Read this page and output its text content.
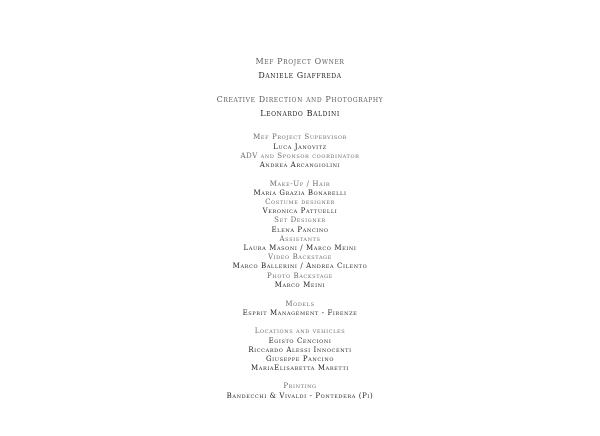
Mef Project Owner
Daniele Giaffreda
Creative Direction and Photography
Leonardo Baldini
Mef Project Supervisor
Luca Janovitz
ADV and Sponsor coordinator
Andrea Arcangiolini
Make-Up / Hair
Maria Grazia Bonarelli
Costume designer
Veronica Pattuelli
Set Designer
Elena Pancino
Assistants
Laura Masoni / Marco Meini
Video Backstage
Marco Ballerini / Andrea Cilento
Photo Backstage
Marco Meini
Models
Esprit Management - Firenze
Locations and vehicles
Egisto Cencioni
Riccardo Alessi Innocenti
Giuseppe Pancino
MariaElisabetta Maretti
Printing
Bandecchi & Vivaldi - Pontedera (Pi)
